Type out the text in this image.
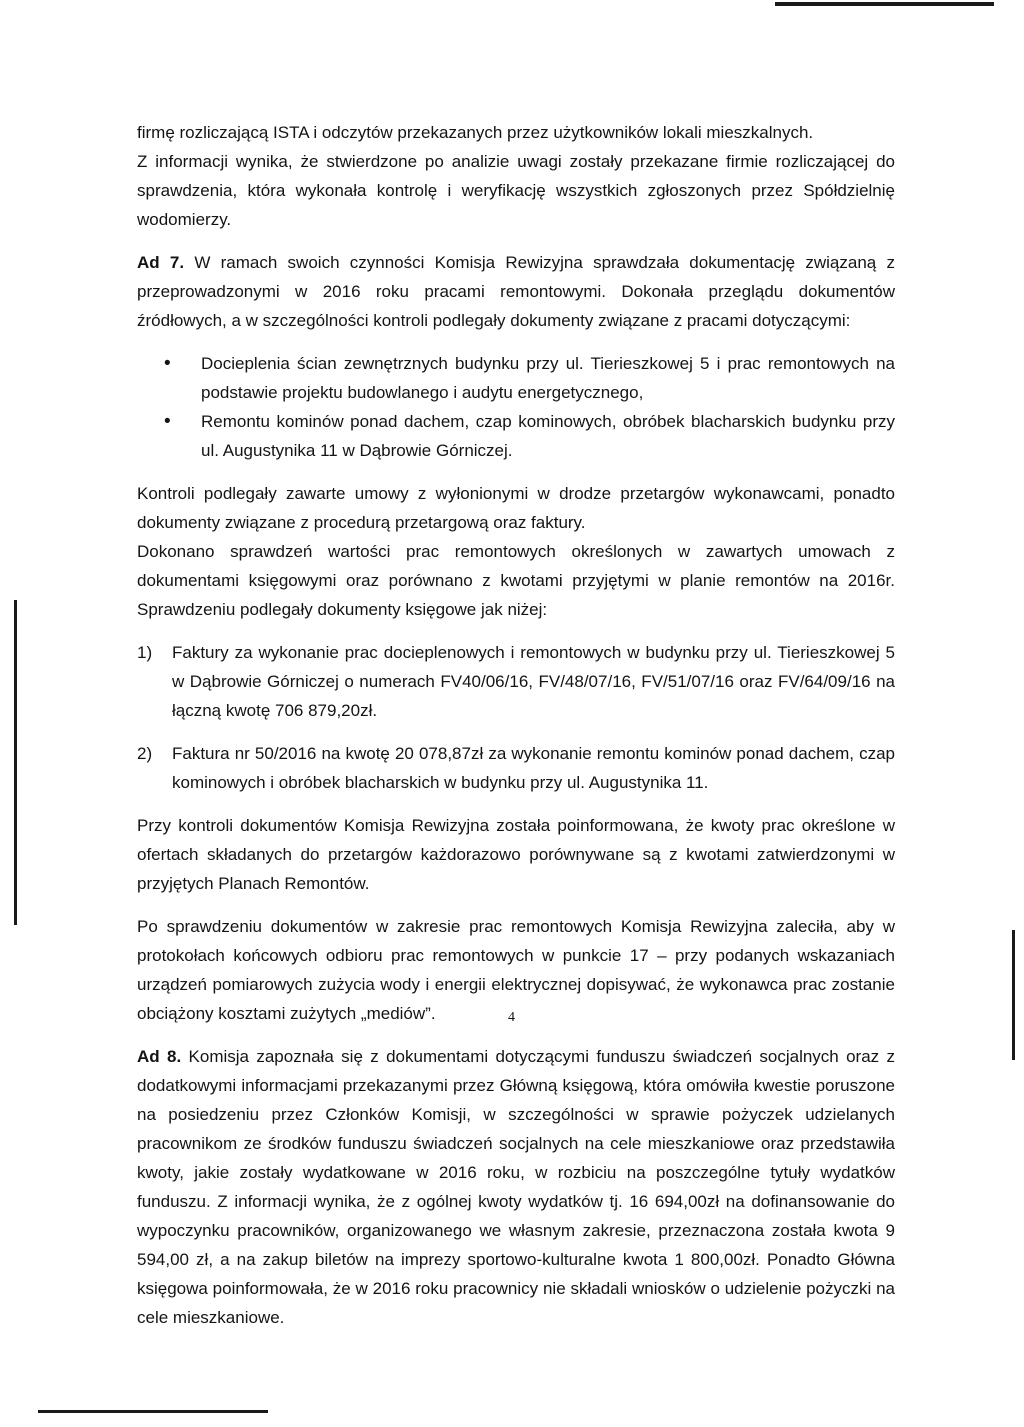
firmę rozliczającą ISTA i odczytów przekazanych przez użytkowników lokali mieszkalnych.

Z informacji wynika, że stwierdzone po analizie uwagi zostały przekazane firmie rozliczającej do sprawdzenia, która wykonała kontrolę i weryfikację wszystkich zgłoszonych przez Spółdzielnię wodomierzy.

Ad 7. W ramach swoich czynności Komisja Rewizyjna sprawdzała dokumentację związaną z przeprowadzonymi w 2016 roku pracami remontowymi. Dokonała przeglądu dokumentów źródłowych, a w szczególności kontroli podlegały dokumenty związane z pracami dotyczącymi:

• Docieplenia ścian zewnętrznych budynku przy ul. Tierieszkowej 5 i prac remontowych na podstawie projektu budowlanego i audytu energetycznego,
• Remontu kominów ponad dachem, czap kominowych, obróbek blacharskich budynku przy ul. Augustynika 11 w Dąbrowie Górniczej.

Kontroli podlegały zawarte umowy z wyłonionymi w drodze przetargów wykonawcami, ponadto dokumenty związane z procedurą przetargową oraz faktury.

Dokonano sprawdzeń wartości prac remontowych określonych w zawartych umowach z dokumentami księgowymi oraz porównano z kwotami przyjętymi w planie remontów na 2016r. Sprawdzeniu podlegały dokumenty księgowe jak niżej:

1) Faktury za wykonanie prac docieplenowych i remontowych w budynku przy ul. Tierieszkowej 5 w Dąbrowie Górniczej o numerach FV40/06/16, FV/48/07/16, FV/51/07/16 oraz FV/64/09/16 na łączną kwotę 706 879,20zł.
2) Faktura nr 50/2016 na kwotę 20 078,87zł za wykonanie remontu kominów ponad dachem, czap kominowych i obróbek blacharskich w budynku przy ul. Augustynika 11.

Przy kontroli dokumentów Komisja Rewizyjna została poinformowana, że kwoty prac określone w ofertach składanych do przetargów każdorazowo porównywane są z kwotami zatwierdzonymi w przyjętych Planach Remontów.

Po sprawdzeniu dokumentów w zakresie prac remontowych Komisja Rewizyjna zaleciła, aby w protokołach końcowych odbioru prac remontowych w punkcie 17 – przy podanych wskazaniach urządzeń pomiarowych zużycia wody i energii elektrycznej dopisywać, że wykonawca prac zostanie obciążony kosztami zużytych „mediów”.

Ad 8. Komisja zapoznała się z dokumentami dotyczącymi funduszu świadczeń socjalnych oraz z dodatkowymi informacjami przekazanymi przez Główną księgową, która omówiła kwestie poruszone na posiedzeniu przez Członków Komisji, w szczególności w sprawie pożyczek udzielanych pracownikom ze środków funduszu świadczeń socjalnych na cele mieszkaniowe oraz przedstawiła kwoty, jakie zostały wydatkowane w 2016 roku, w rozbiciu na poszczególne tytuły wydatków funduszu. Z informacji wynika, że z ogólnej kwoty wydatków tj. 16 694,00zł na dofinansowanie do wypoczynku pracowników, organizowanego we własnym zakresie, przeznaczona została kwota 9 594,00 zł, a na zakup biletów na imprezy sportowo-kulturalne kwota 1 800,00zł. Ponadto Główna księgowa poinformowała, że w 2016 roku pracownicy nie składali wniosków o udzielenie pożyczki na cele mieszkaniowe.

4
